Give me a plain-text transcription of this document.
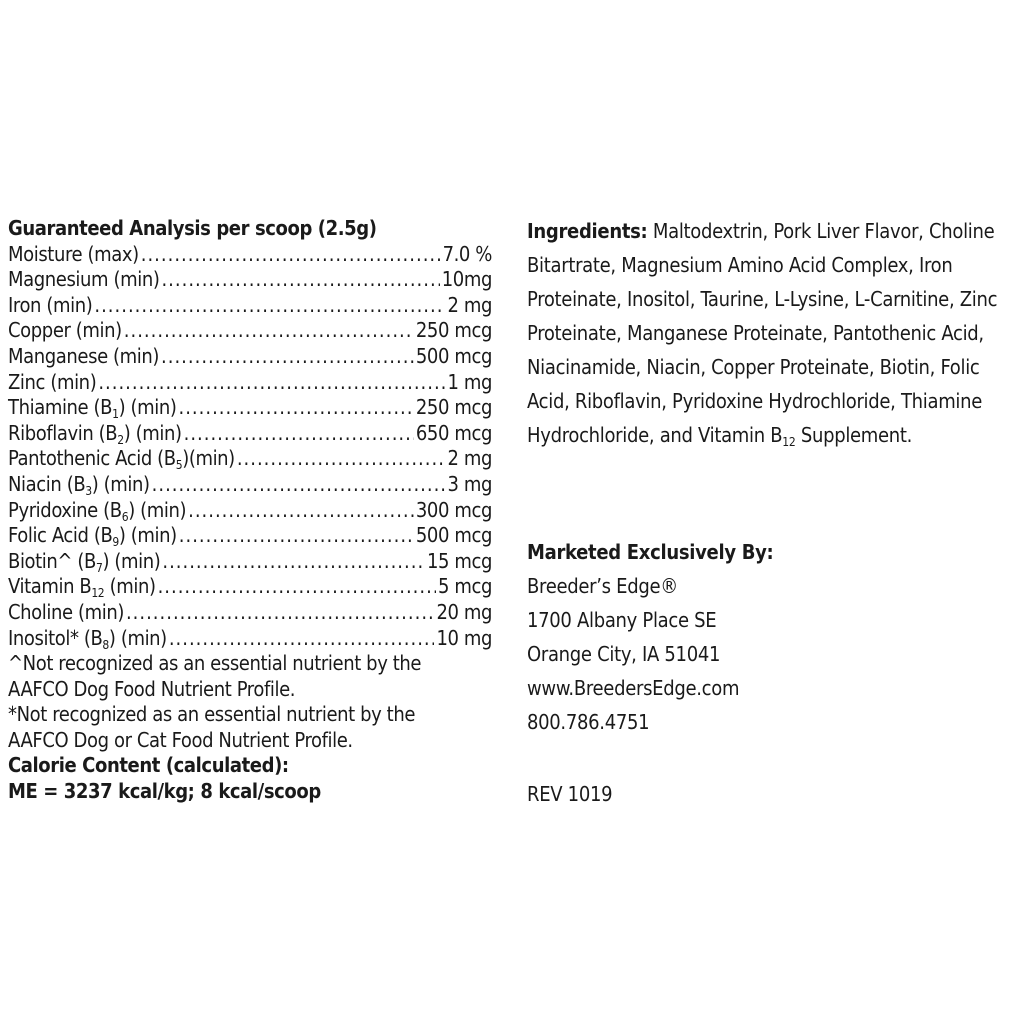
Guaranteed Analysis per scoop (2.5g)
Moisture (max) .....	7.0 %
Magnesium (min) .....	10mg
Iron (min) .....	2 mg
Copper (min) .....	250 mcg
Manganese (min) .....	500 mcg
Zinc (min) .....	1 mg
Thiamine $(B_1)$ (min) .....	250 mcg
Riboflavin $(B_2)$ (min) .....	650 mcg
Pantothenic Acid $(B_5)(\min)$ .....	2 mg
Niacin $(B_3)$ (min) .....	3 mg
Pyridoxine $(B_6)$ (min) .....	300 mcg
Folic Acid $(B_9)$ (min) .....	500 mcg
Biotin^ $(B_7)$ (min) .....	15 mcg
Vitamin $B_{12}$ (min) .....	5 mcg
Choline (min) .....	20 mg
Inositol* $(B_8)$ (min) .....	10 mg
^Not recognized as an essential nutrient by the
AAFCO Dog Food Nutrient Profile.
*Not recognized as an essential nutrient by the
AAFCO Dog or Cat Food Nutrient Profile.
Calorie Content (calculated):
ME = 3237 kcal/kg; 8 kcal/scoop
Ingredients: Maltodextrin, Pork Liver Flavor, Choline Bitartrate, Magnesium Amino Acid Complex, Iron Proteinate, Inositol, Taurine, L-Lysine, L-Carnitine, Zinc Proteinate, Manganese Proteinate, Pantothenic Acid, Niacinamide, Niacin, Copper Proteinate, Biotin, Folic Acid, Riboflavin, Pyridoxine Hydrochloride, Thiamine Hydrochloride, and Vitamin $B_{12}$ Supplement.
Marketed Exclusively By:
Breeder’s Edge®
1700 Albany Place SE
Orange City, IA 51041
www.BreedersEdge.com
800.786.4751
REV 1019
